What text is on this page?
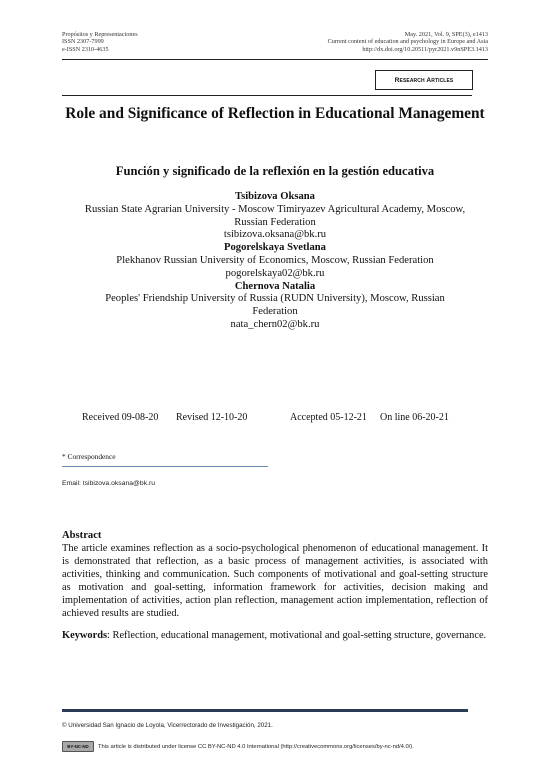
Propósitos y Representaciones
ISSN 2307-7999
e-ISSN 2310-4635
May. 2021, Vol. 9, SPE(3), e1413
Current content of education and psychology in Europe and Asia
http://dx.doi.org/10.20511/pyr2021.v9nSPE3.1413
Research Articles
Role and Significance of Reflection in Educational Management
Función y significado de la reflexión en la gestión educativa
Tsibizova Oksana
Russian State Agrarian University - Moscow Timiryazev Agricultural Academy, Moscow, Russian Federation
tsibizova.oksana@bk.ru
Pogorelskaya Svetlana
Plekhanov Russian University of Economics, Moscow, Russian Federation
pogorelskaya02@bk.ru
Chernova Natalia
Peoples' Friendship University of Russia (RUDN University), Moscow, Russian Federation
nata_chern02@bk.ru
Received 09-08-20 Revised 12-10-20	Accepted 05-12-21 On line 06-20-21
* Correspondence
Email: tsibizova.oksana@bk.ru
Abstract
The article examines reflection as a socio-psychological phenomenon of educational management. It is demonstrated that reflection, as a basic process of management activities, is associated with activities, thinking and communication. Such components of motivational and goal-setting structure as motivation and goal-setting, information framework for activities, decision making and implementation of activities, action plan reflection, management action implementation, reflection of achieved results are studied.
Keywords: Reflection, educational management, motivational and goal-setting structure, governance.
© Universidad San Ignacio de Loyola, Vicerrectorado de Investigación, 2021.
BY-NC-ND This article is distributed under license CC BY-NC-ND 4.0 International (http://creativecommons.org/licenses/by-nc-nd/4.0/).
